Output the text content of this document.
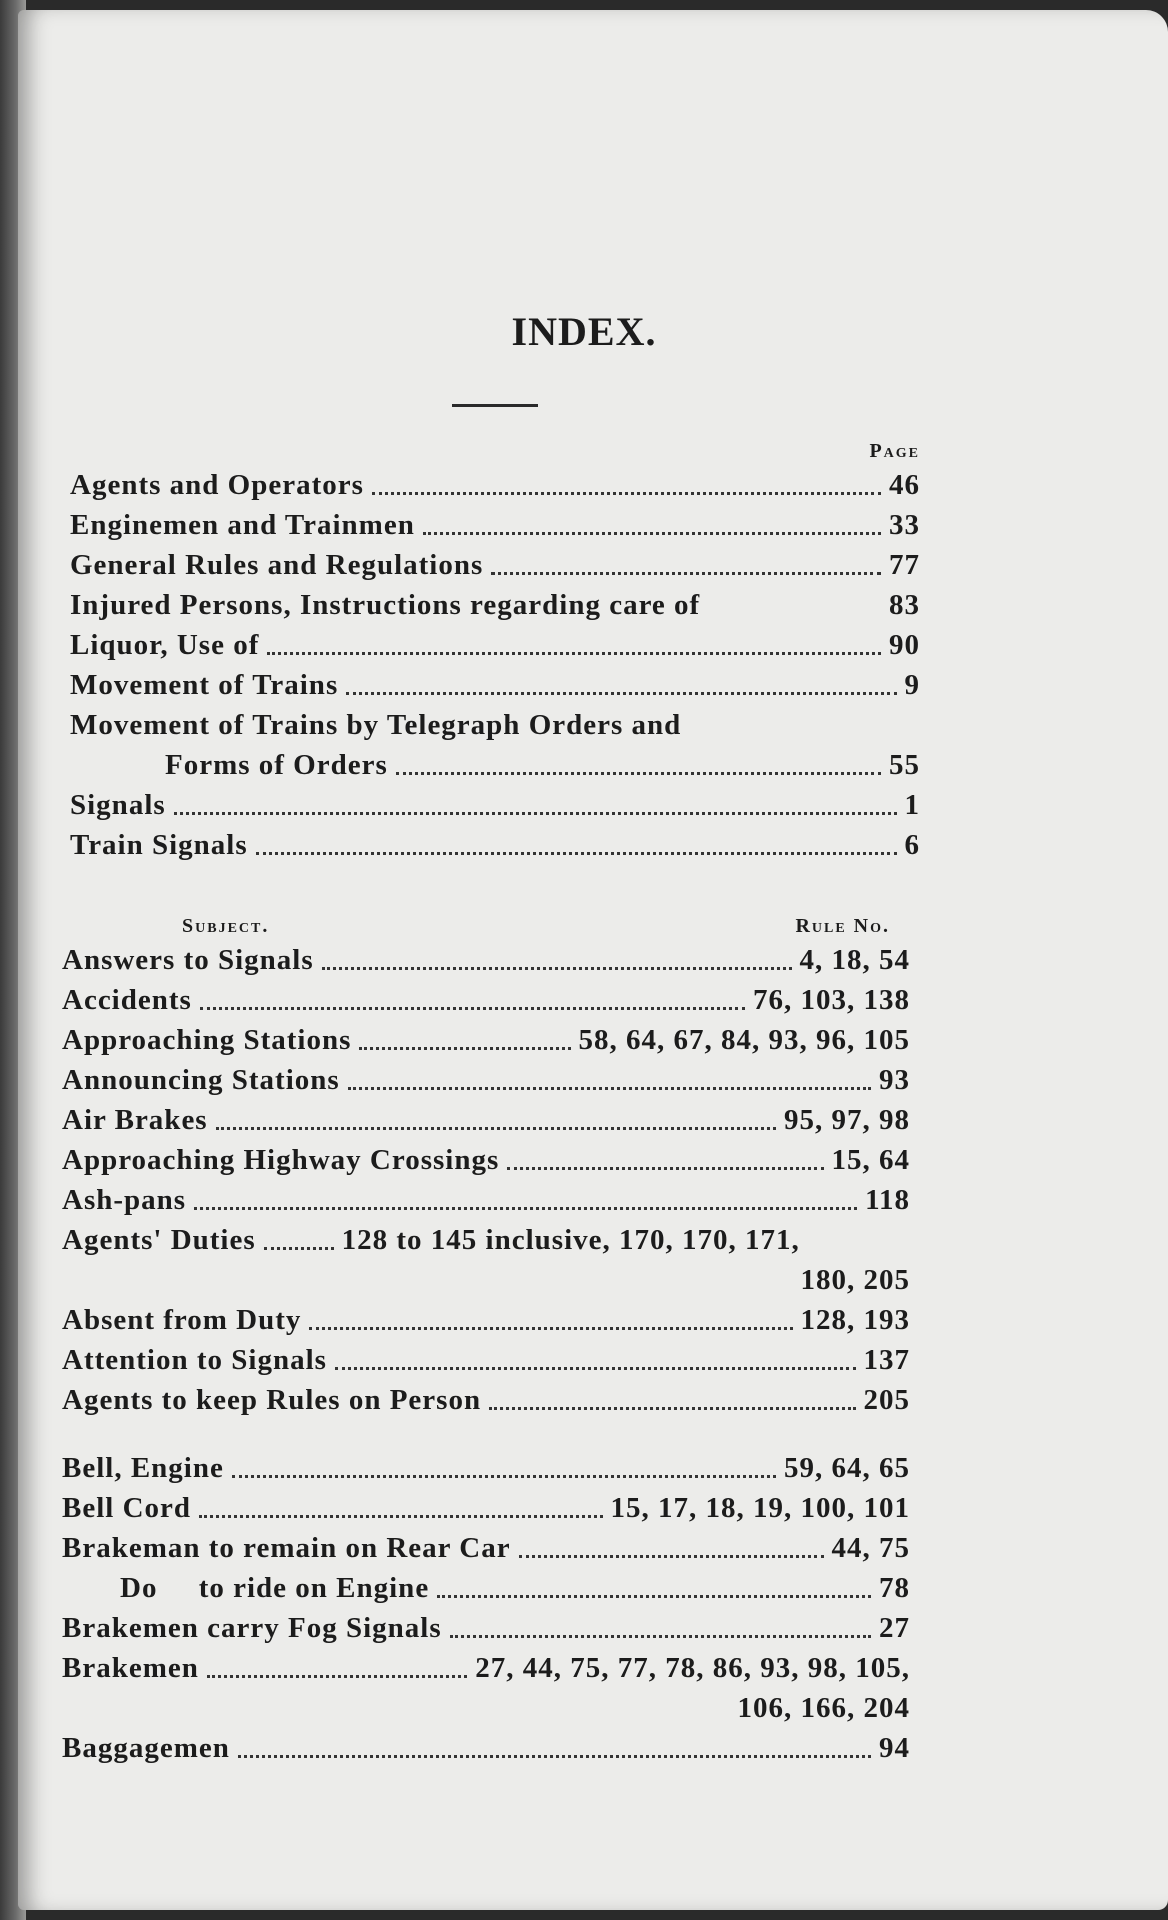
INDEX.
Page
Agents and Operators	46
Enginemen and Trainmen	33
General Rules and Regulations	77
Injured Persons, Instructions regarding care of	83
Liquor, Use of	90
Movement of Trains	9
Movement of Trains by Telegraph Orders and
Forms of Orders	55
Signals	1
Train Signals	6
Subject.	Rule No.
Answers to Signals	4, 18, 54
Accidents	76, 103, 138
Approaching Stations	58, 64, 67, 84, 93, 96, 105
Announcing Stations	93
Air Brakes	95, 97, 98
Approaching Highway Crossings	15, 64
Ash-pans	118
Agents' Duties	128 to 145 inclusive, 170, 170, 171,
180, 205
Absent from Duty	128, 193
Attention to Signals	137
Agents to keep Rules on Person	205
Bell, Engine	59, 64, 65
Bell Cord	15, 17, 18, 19, 100, 101
Brakeman to remain on Rear Car	44, 75
Do     to ride on Engine	78
Brakemen carry Fog Signals	27
Brakemen	27, 44, 75, 77, 78, 86, 93, 98, 105,
106, 166, 204
Baggagemen	94
